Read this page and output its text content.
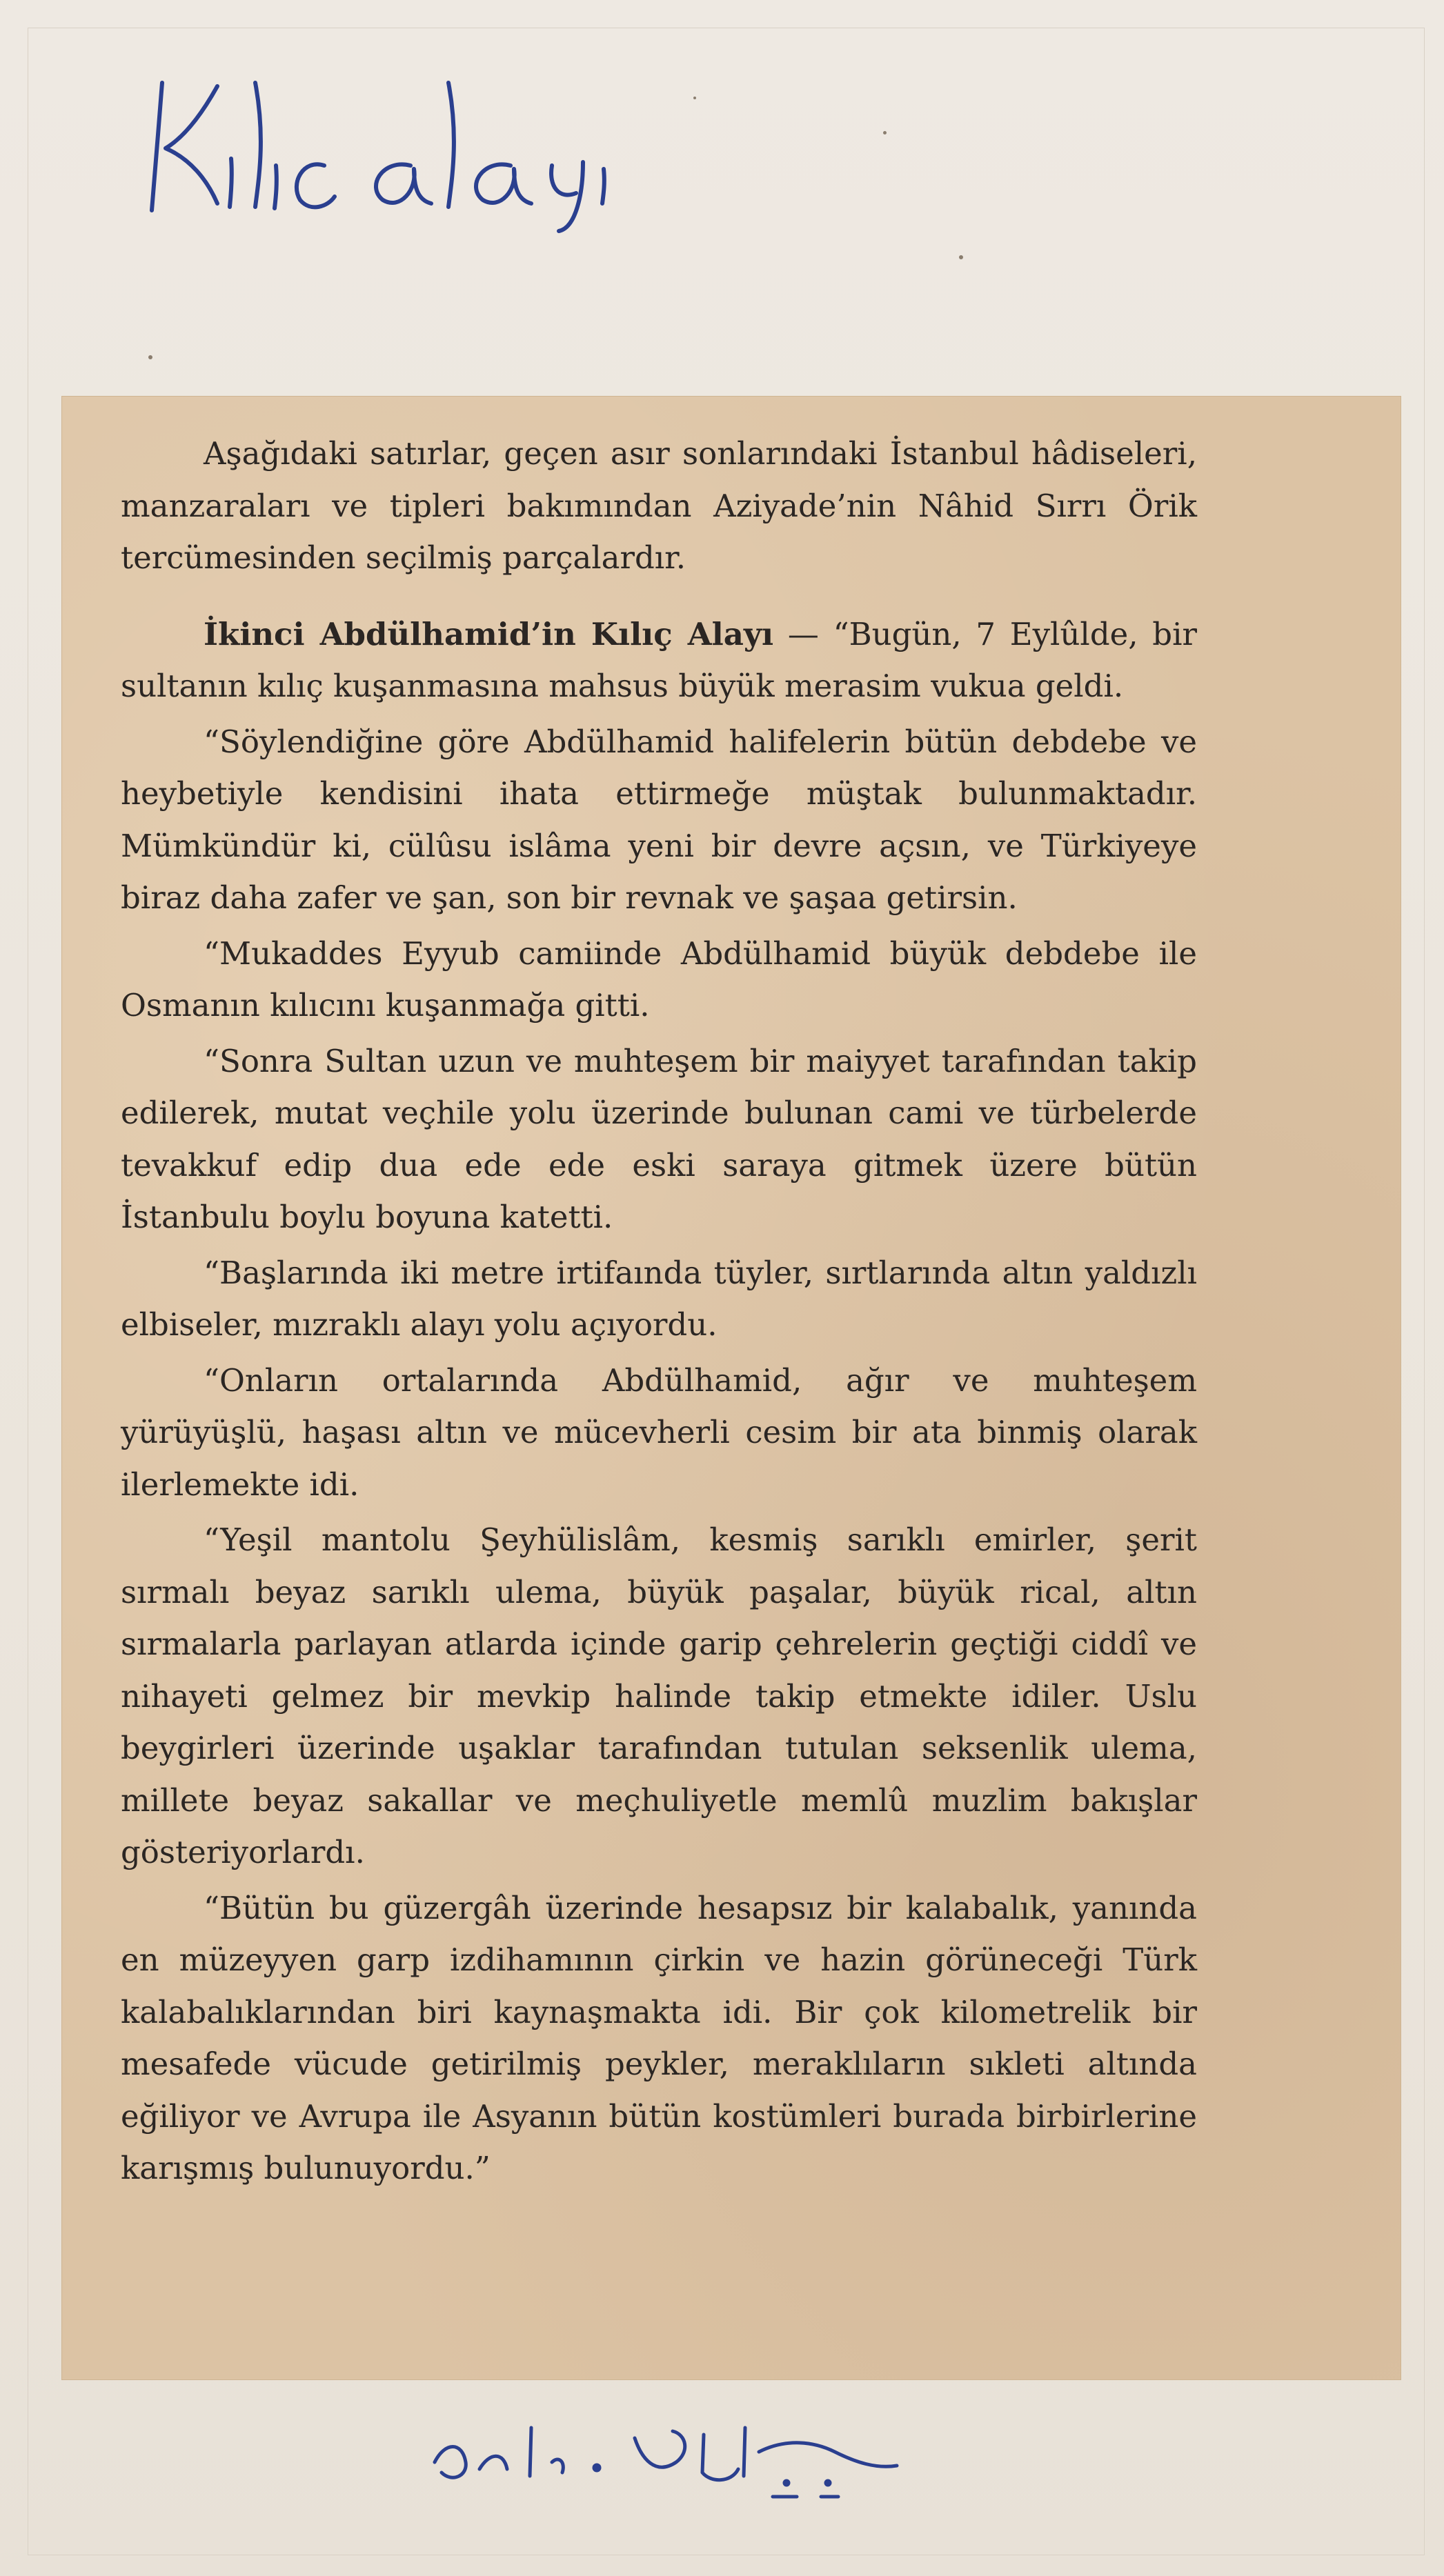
Aşağıdaki satırlar, geçen asır sonlarındaki İstanbul hâdiseleri, manzaraları ve tipleri bakımından Aziyade’nin Nâhid Sırrı Örik tercümesinden seçilmiş parçalardır.

İkinci Abdülhamid’in Kılıç Alayı — “Bugün, 7 Eylûlde, bir sultanın kılıç kuşanmasına mahsus büyük merasim vukua geldi.

“Söylendiğine göre Abdülhamid halifelerin bütün debdebe ve heybetiyle kendisini ihata ettirmeğe müştak bulunmaktadır. Mümkündür ki, cülûsu islâma yeni bir devre açsın, ve Türkiyeye biraz daha zafer ve şan, son bir revnak ve şaşaa getirsin.

“Mukaddes Eyyub camiinde Abdülhamid büyük debdebe ile Osmanın kılıcını kuşanmağa gitti.

“Sonra Sultan uzun ve muhteşem bir maiyyet tarafından takip edilerek, mutat veçhile yolu üzerinde bulunan cami ve türbelerde tevakkuf edip dua ede ede eski saraya gitmek üzere bütün İstanbulu boylu boyuna katetti.

“Başlarında iki metre irtifaında tüyler, sırtlarında altın yaldızlı elbiseler, mızraklı alayı yolu açıyordu.

“Onların ortalarında Abdülhamid, ağır ve muhteşem yürüyüşlü, haşası altın ve mücevherli cesim bir ata binmiş olarak ilerlemekte idi.

“Yeşil mantolu Şeyhülislâm, kesmiş sarıklı emirler, şerit sırmalı beyaz sarıklı ulema, büyük paşalar, büyük rical, altın sırmalarla parlayan atlarda içinde garip çehrelerin geçtiği ciddî ve nihayeti gelmez bir mevkip halinde takip etmekte idiler. Uslu beygirleri üzerinde uşaklar tarafından tutulan seksenlik ulema, millete beyaz sakallar ve meçhuliyetle memlû muzlim bakışlar gösteriyorlardı.

“Bütün bu güzergâh üzerinde hesapsız bir kalabalık, yanında en müzeyyen garp izdihamının çirkin ve hazin görüneceği Türk kalabalıklarından biri kaynaşmakta idi. Bir çok kilometrelik bir mesafede vücude getirilmiş peykler, meraklıların sıkleti altında eğiliyor ve Avrupa ile Asyanın bütün kostümleri burada birbirlerine karışmış bulunuyordu.”
